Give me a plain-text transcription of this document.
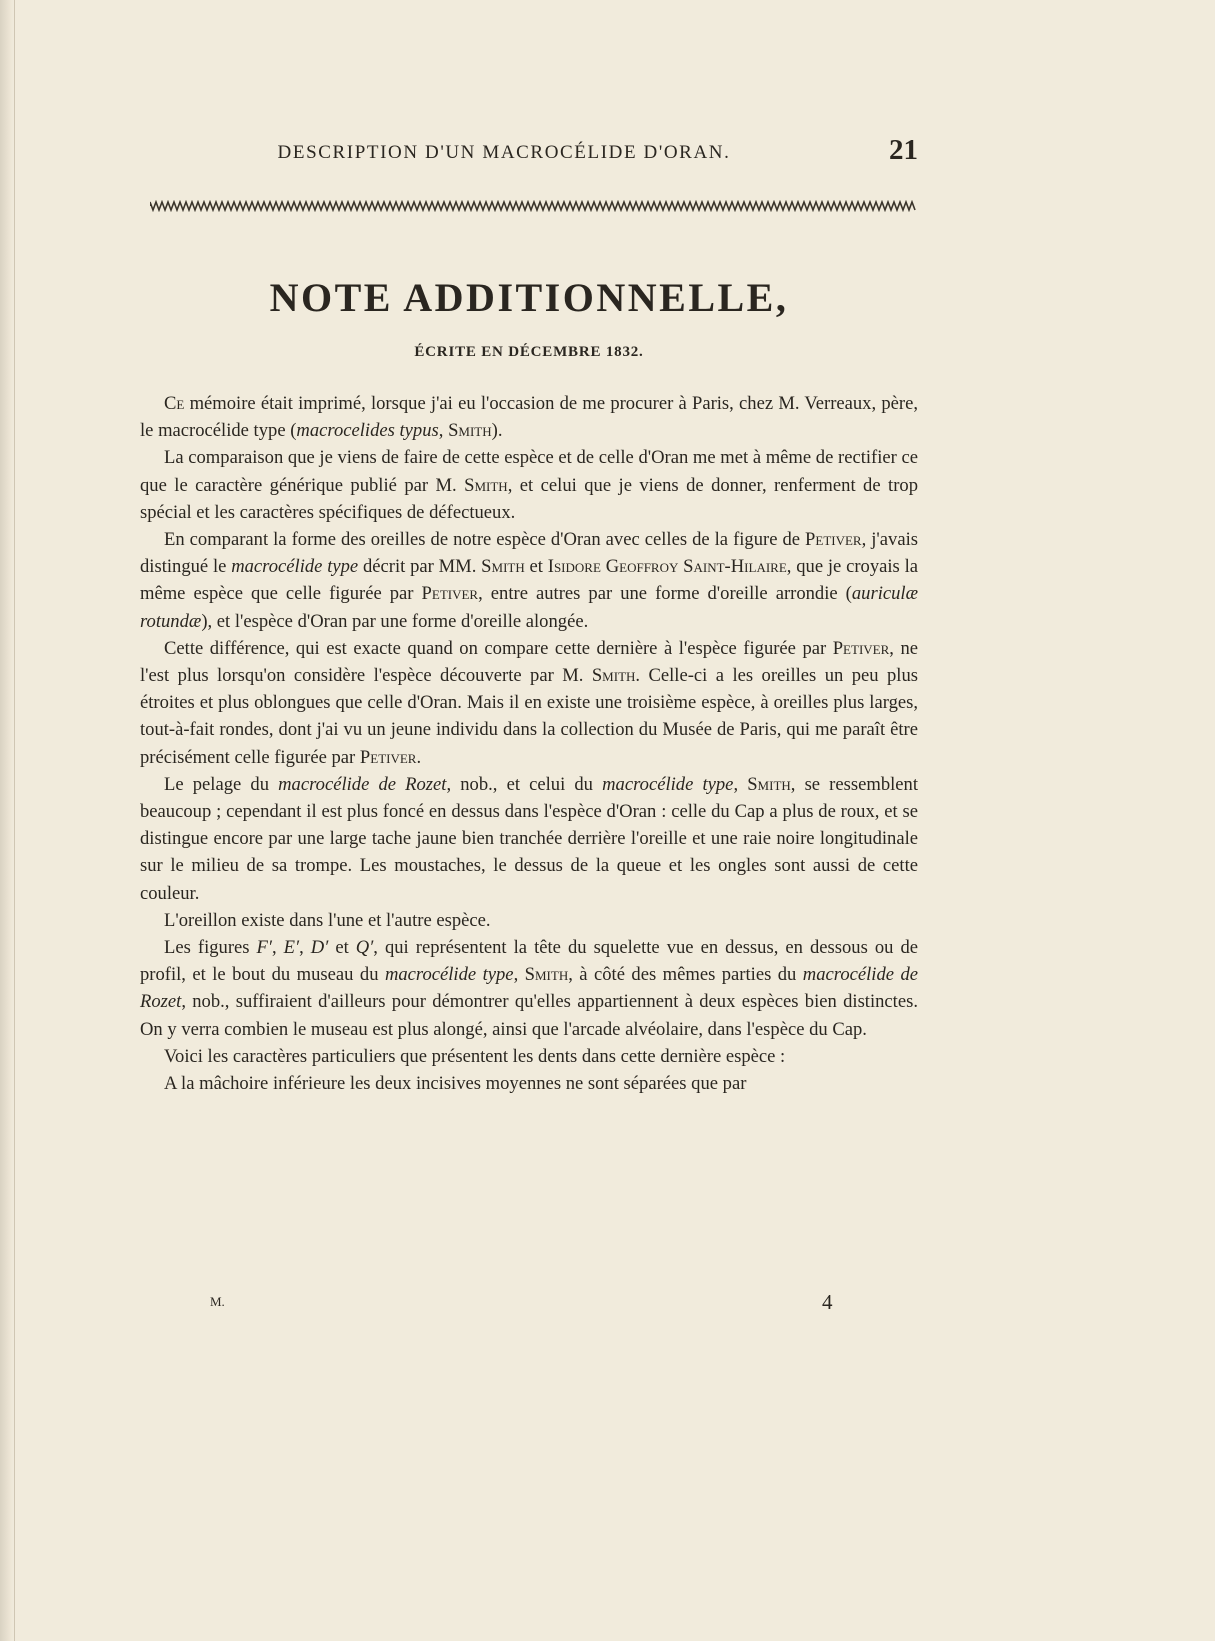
DESCRIPTION D'UN MACROCÉLIDE D'ORAN.	21
NOTE ADDITIONNELLE,
ÉCRITE EN DÉCEMBRE 1832.

Ce mémoire était imprimé, lorsque j'ai eu l'occasion de me procurer à Paris, chez M. Verreaux, père, le macrocélide type (macrocelides typus, Smith).

La comparaison que je viens de faire de cette espèce et de celle d'Oran me met à même de rectifier ce que le caractère générique publié par M. Smith, et celui que je viens de donner, renferment de trop spécial et les caractères spécifiques de défectueux.

En comparant la forme des oreilles de notre espèce d'Oran avec celles de la figure de Petiver, j'avais distingué le macrocélide type décrit par MM. Smith et Isidore Geoffroy Saint-Hilaire, que je croyais la même espèce que celle figurée par Petiver, entre autres par une forme d'oreille arrondie (auriculæ rotundæ), et l'espèce d'Oran par une forme d'oreille alongée.

Cette différence, qui est exacte quand on compare cette dernière à l'espèce figurée par Petiver, ne l'est plus lorsqu'on considère l'espèce découverte par M. Smith. Celle-ci a les oreilles un peu plus étroites et plus oblongues que celle d'Oran. Mais il en existe une troisième espèce, à oreilles plus larges, tout-à-fait rondes, dont j'ai vu un jeune individu dans la collection du Musée de Paris, qui me paraît être précisément celle figurée par Petiver.

Le pelage du macrocélide de Rozet, nob., et celui du macrocélide type, Smith, se ressemblent beaucoup ; cependant il est plus foncé en dessus dans l'espèce d'Oran : celle du Cap a plus de roux, et se distingue encore par une large tache jaune bien tranchée derrière l'oreille et une raie noire longitudinale sur le milieu de sa trompe. Les moustaches, le dessus de la queue et les ongles sont aussi de cette couleur.

L'oreillon existe dans l'une et l'autre espèce.

Les figures F′, E′, D′ et Q′, qui représentent la tête du squelette vue en dessus, en dessous ou de profil, et le bout du museau du macrocélide type, Smith, à côté des mêmes parties du macrocélide de Rozet, nob., suffiraient d'ailleurs pour démontrer qu'elles appartiennent à deux espèces bien distinctes. On y verra combien le museau est plus alongé, ainsi que l'arcade alvéolaire, dans l'espèce du Cap.

Voici les caractères particuliers que présentent les dents dans cette dernière espèce :

A la mâchoire inférieure les deux incisives moyennes ne sont séparées que par

M.	4
